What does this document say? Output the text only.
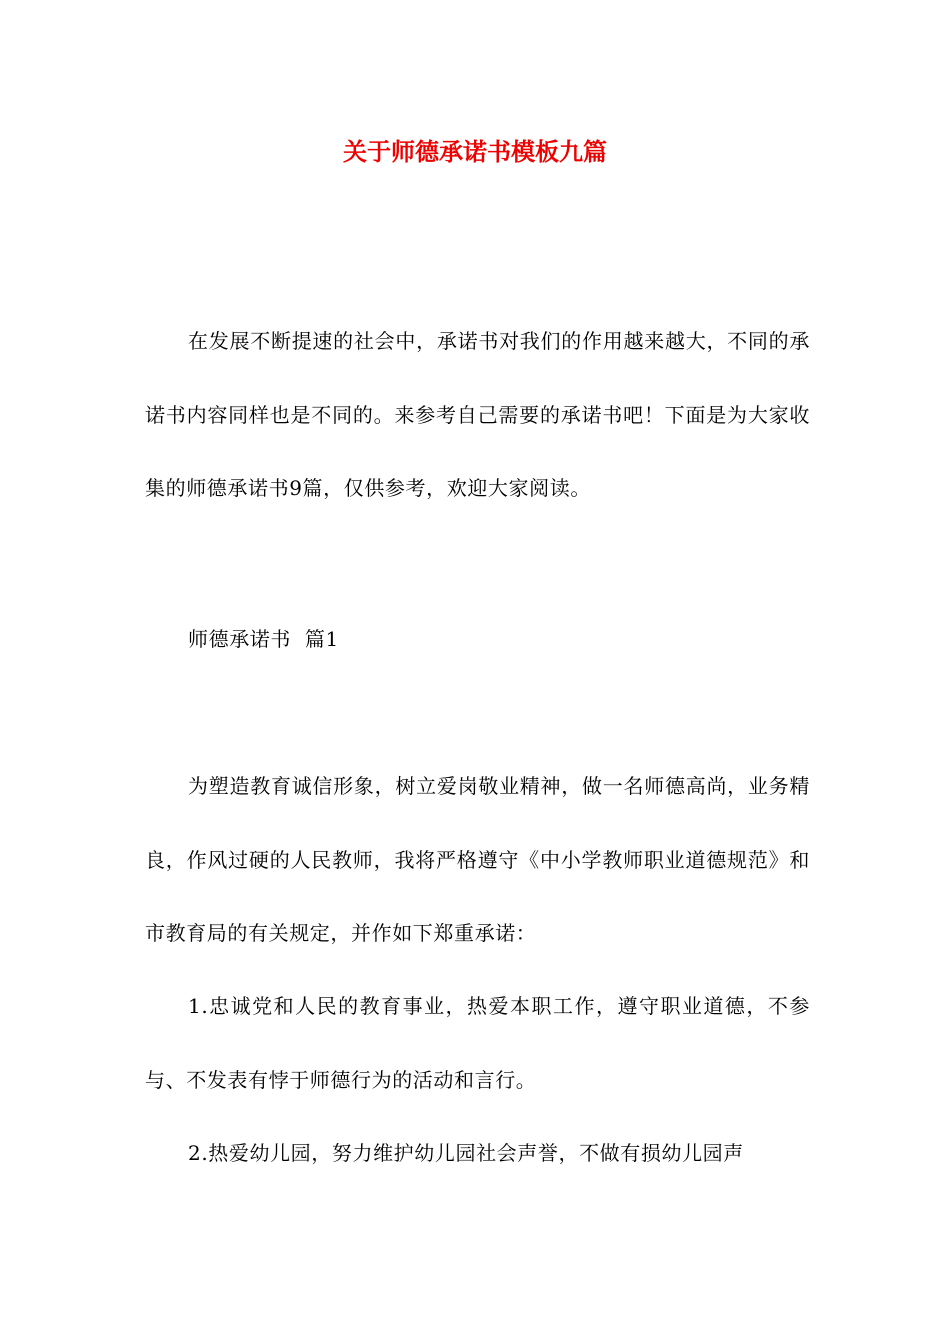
关于师德承诺书模板九篇
在发展不断提速的社会中，承诺书对我们的作用越来越大，不同的承诺书内容同样也是不同的。来参考自己需要的承诺书吧！下面是为大家收集的师德承诺书9篇，仅供参考，欢迎大家阅读。
师德承诺书  篇1
为塑造教育诚信形象，树立爱岗敬业精神，做一名师德高尚，业务精良，作风过硬的人民教师，我将严格遵守《中小学教师职业道德规范》和市教育局的有关规定，并作如下郑重承诺：
1.忠诚党和人民的教育事业，热爱本职工作，遵守职业道德，不参与、不发表有悖于师德行为的活动和言行。
2.热爱幼儿园，努力维护幼儿园社会声誉，不做有损幼儿园声
